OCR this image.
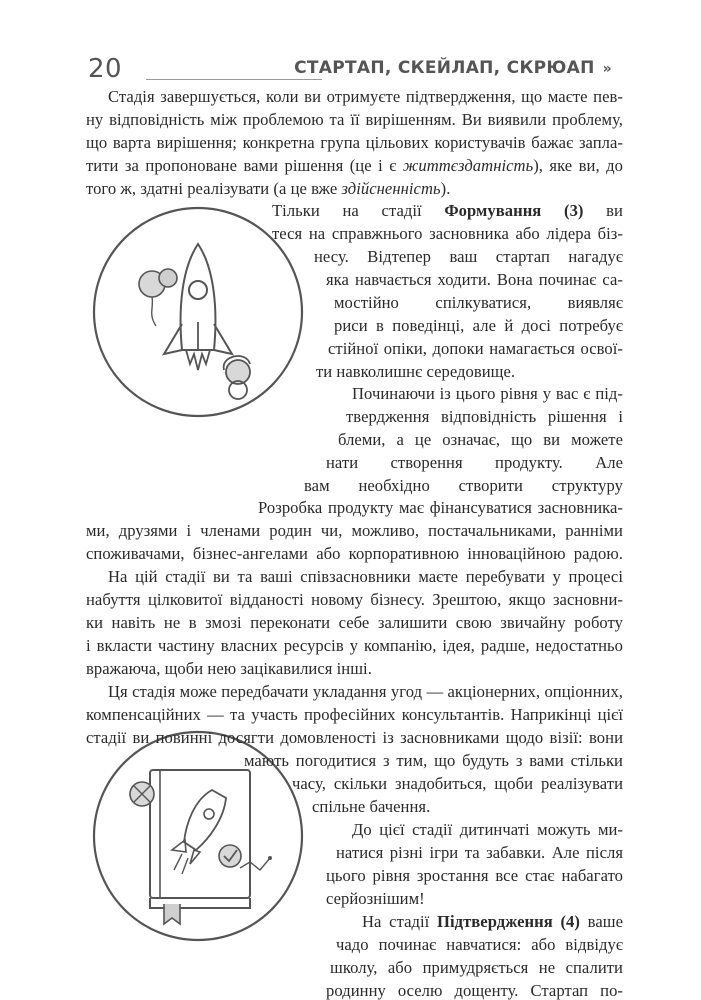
20	СТАРТАП, СКЕЙЛАП, СКРЮАП »
Стадія завершується, коли ви отримуєте підтвердження, що маєте пев-
ну відповідність між проблемою та її вирішенням. Ви виявили проблему,
що варта вирішення; конкретна група цільових користувачів бажає запла-
тити за пропоноване вами рішення (це і є життєздатність), яке ви, до
того ж, здатні реалізувати (а це вже здійсненність).
Тільки на стадії Формування (3) ви
теся на справжнього засновника або лідера біз-
несу. Відтепер ваш стартап нагадує
яка навчається ходити. Вона починає са-
мостійно спілкуватися, виявляє
риси в поведінці, але й досі потребує
стійної опіки, допоки намагається освої-
ти навколишнє середовище.
Починаючи із цього рівня у вас є під-
твердження відповідність рішення і
блеми, а це означає, що ви можете
нати створення продукту. Але
вам необхідно створити структуру
Розробка продукту має фінансуватися засновника-
ми, друзями і членами родин чи, можливо, постачальниками, ранніми
споживачами, бізнес-ангелами або корпоративною інноваційною радою.
На цій стадії ви та ваші співзасновники маєте перебувати у процесі
набуття цілковитої відданості новому бізнесу. Зрештою, якщо засновни-
ки навіть не в змозі переконати себе залишити свою звичайну роботу
і вкласти частину власних ресурсів у компанію, ідея, радше, недостатньо
вражаюча, щоби нею зацікавилися інші.
Ця стадія може передбачати укладання угод — акціонерних, опціонних,
компенсаційних — та участь професійних консультантів. Наприкінці цієї
стадії ви повинні досягти домовленості із засновниками щодо візії: вони
мають погодитися з тим, що будуть з вами стільки
часу, скільки знадобиться, щоби реалізувати
спільне бачення.
До цієї стадії дитинчаті можуть ми-
натися різні ігри та забавки. Але після
цього рівня зростання все стає набагато
серйознішим!
На стадії Підтвердження (4) ваше
чадо починає навчатися: або відвідує
школу, або примудряється не спалити
родинну оселю дощенту. Стартап по-
